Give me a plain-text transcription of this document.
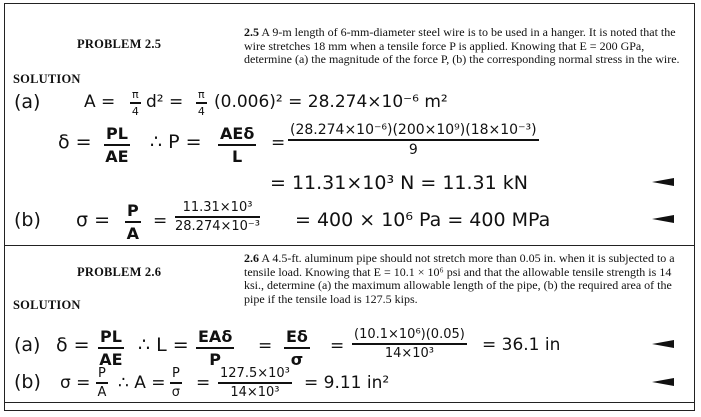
PROBLEM 2.5
SOLUTION
2.5 A 9-m length of 6-mm-diameter steel wire is to be used in a hanger. It is noted that the wire stretches 18 mm when a tensile force P is applied. Knowing that E = 200 GPa, determine (a) the magnitude of the force P, (b) the corresponding normal stress in the wire.
(a)	$A = \frac{\pi}{4} d^2 = \frac{\pi}{4} (0.006)^2 = 28.274\times 10^{-6}$ m²
$\delta = \frac{PL}{AE}$ ∴ P = AEδ
L
= $\frac{\text{(28.274×10⁻⁶)(200×10⁹)(18×10⁻³)}}{9}$
= 11.31×10³ N = 11.31 kN
(b) $\sigma = \frac{P}{A} = \frac{\text{11.31×10³}}{\text{28.274×10⁻³}} = 400 \times 10^6$ Pa = 400 MPa
PROBLEM 2.6
SOLUTION
2.6 A 4.5-ft. aluminum pipe should not stretch more than 0.05 in. when it is subjected to a tensile load. Knowing that E = 10.1 × 10⁶ psi and that the allowable tensile strength is 14 ksi., determine (a) the maximum allowable length of the pipe, (b) the required area of the pipe if the tensile load is 127.5 kips.
(a) $\delta = \frac{PL}{AE}$ ∴ L = EAδ
P
= $\frac{E\delta}{\sigma} = \frac{\text{(10.1×10⁶)(0.05)}}{\text{14×10³}} = 36.1$ in
(b) $\sigma = \frac{P}{A}$ ∴ $A = \frac{P}{\sigma} = \frac{\text{127.5×10³}}{\text{14×10³}} = 9.11$ in²
